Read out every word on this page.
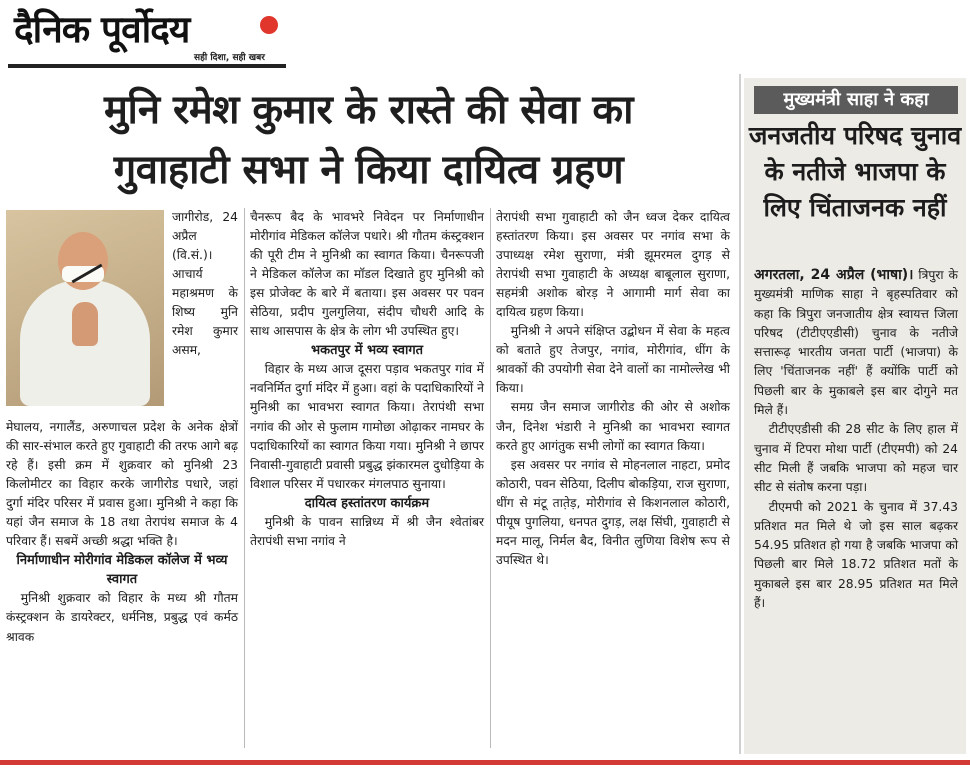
दैनिक पूर्वोदय
सही दिशा, सही खबर
मुनि रमेश कुमार के रास्ते की सेवा का
गुवाहाटी सभा ने किया दायित्व ग्रहण

जागीरोड, 24 अप्रैल (वि.सं.)। आचार्य महाश्रमण के शिष्य मुनि रमेश कुमार असम,

मेघालय, नगालैंड, अरुणाचल प्रदेश के अनेक क्षेत्रों की सार-संभाल करते हुए गुवाहाटी की तरफ आगे बढ़ रहे हैं। इसी क्रम में शुक्रवार को मुनिश्री 23 किलोमीटर का विहार करके जागीरोड पधारे, जहां दुर्गा मंदिर परिसर में प्रवास हुआ। मुनिश्री ने कहा कि यहां जैन समाज के 18 तथा तेरापंथ समाज के 4 परिवार हैं। सबमें अच्छी श्रद्धा भक्ति है।

निर्माणाधीन मोरीगांव मेडिकल कॉलेज में भव्य स्वागत

मुनिश्री शुक्रवार को विहार के मध्य श्री गौतम कंस्ट्रक्शन के डायरेक्टर, धर्मनिष्ठ, प्रबुद्ध एवं कर्मठ श्रावक

चैनरूप बैद के भावभरे निवेदन पर निर्माणाधीन मोरीगांव मेडिकल कॉलेज पधारे। श्री गौतम कंस्ट्रक्शन की पूरी टीम ने मुनिश्री का स्वागत किया। चैनरूपजी ने मेडिकल कॉलेज का मॉडल दिखाते हुए मुनिश्री को इस प्रोजेक्ट के बारे में बताया। इस अवसर पर पवन सेठिया, प्रदीप गुलगुलिया, संदीप चौधरी आदि के साथ आसपास के क्षेत्र के लोग भी उपस्थित हुए।

भकतपुर में भव्य स्वागत

विहार के मध्य आज दूसरा पड़ाव भकतपुर गांव में नवनिर्मित दुर्गा मंदिर में हुआ। वहां के पदाधिकारियों ने मुनिश्री का भावभरा स्वागत किया। तेरापंथी सभा नगांव की ओर से फुलाम गामोछा ओढ़ाकर नामघर के पदाधिकारियों का स्वागत किया गया। मुनिश्री ने छापर निवासी-गुवाहाटी प्रवासी प्रबुद्ध झंकारमल दुधोड़िया के विशाल परिसर में पधारकर मंगलपाठ सुनाया।

दायित्व हस्तांतरण कार्यक्रम

मुनिश्री के पावन सान्निध्य में श्री जैन श्वेतांबर तेरापंथी सभा नगांव ने

तेरापंथी सभा गुवाहाटी को जैन ध्वज देकर दायित्व हस्तांतरण किया। इस अवसर पर नगांव सभा के उपाध्यक्ष रमेश सुराणा, मंत्री झूमरमल दुगड़ से तेरापंथी सभा गुवाहाटी के अध्यक्ष बाबूलाल सुराणा, सहमंत्री अशोक बोरड़ ने आगामी मार्ग सेवा का दायित्व ग्रहण किया।

मुनिश्री ने अपने संक्षिप्त उद्बोधन में सेवा के महत्व को बताते हुए तेजपुर, नगांव, मोरीगांव, धींग के श्रावकों की उपयोगी सेवा देने वालों का नामोल्लेख भी किया।

समग्र जैन समाज जागीरोड की ओर से अशोक जैन, दिनेश भंडारी ने मुनिश्री का भावभरा स्वागत करते हुए आगंतुक सभी लोगों का स्वागत किया।

इस अवसर पर नगांव से मोहनलाल नाहटा, प्रमोद कोठारी, पवन सेठिया, दिलीप बोकड़िया, राज सुराणा, धींग से मंटू ताते़ड़, मोरीगांव से किशनलाल कोठारी, पीयूष पुगलिया, धनपत दुगड़, लक्ष सिंघी, गुवाहाटी से मदन मालू, निर्मल बैद, विनीत लुणिया विशेष रूप से उपस्थित थे।

मुख्यमंत्री साहा ने कहा
जनजतीय परिषद चुनाव के नतीजे भाजपा के लिए चिंताजनक नहीं

अगरतला, 24 अप्रैल (भाषा)। त्रिपुरा के मुख्यमंत्री माणिक साहा ने बृहस्पतिवार को कहा कि त्रिपुरा जनजातीय क्षेत्र स्वायत्त जिला परिषद (टीटीएएडीसी) चुनाव के नतीजे सत्तारूढ़ भारतीय जनता पार्टी (भाजपा) के लिए 'चिंताजनक नहीं' हैं क्योंकि पार्टी को पिछली बार के मुकाबले इस बार दोगुने मत मिले हैं।

टीटीएएडीसी की 28 सीट के लिए हाल में चुनाव में टिपरा मोथा पार्टी (टीएमपी) को 24 सीट मिली हैं जबकि भाजपा को महज चार सीट से संतोष करना पड़ा।

टीएमपी को 2021 के चुनाव में 37.43 प्रतिशत मत मिले थे जो इस साल बढ़कर 54.95 प्रतिशत हो गया है जबकि भाजपा को पिछली बार मिले 18.72 प्रतिशत मतों के मुकाबले इस बार 28.95 प्रतिशत मत मिले हैं।
